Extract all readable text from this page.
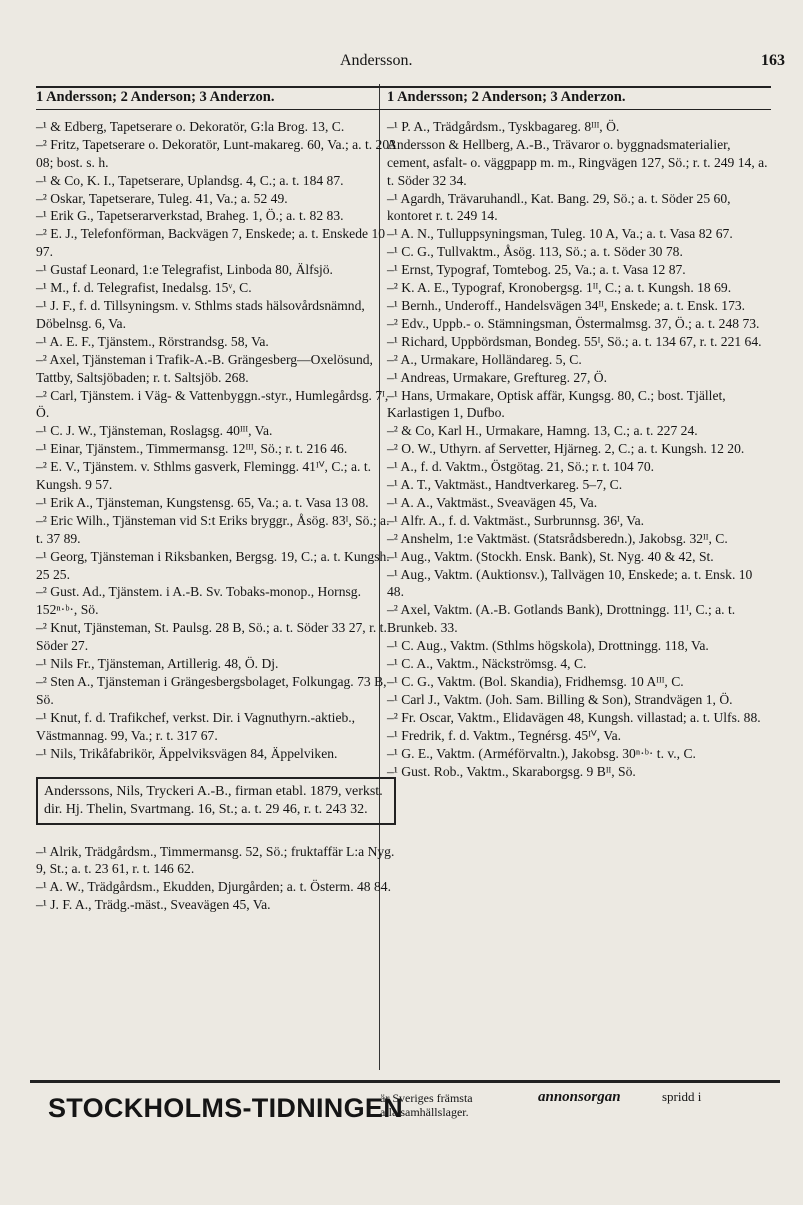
Andersson.	163
1 Andersson; 2 Anderson; 3 Anderzon.
–¹ & Edberg, Tapetserare o. Dekoratör, G:la Brog. 13, C.
–² Fritz, Tapetserare o. Dekoratör, Lunt-makareg. 60, Va.; a. t. 203 08; bost. s. h.
–¹ & Co, K. I., Tapetserare, Uplandsg. 4, C.; a. t. 184 87.
–² Oskar, Tapetserare, Tuleg. 41, Va.; a. 52 49.
–¹ Erik G., Tapetserarverkstad, Braheg. 1, Ö.; a. t. 82 83.
–² E. J., Telefonförman, Backvägen 7, Enskede; a. t. Enskede 10 97.
–¹ Gustaf Leonard, 1:e Telegrafist, Linboda 80, Älfsjö.
–¹ M., f. d. Telegrafist, Inedalsg. 15ᵛ, C.
–¹ J. F., f. d. Tillsyningsm. v. Sthlms stads hälsovårdsnämnd, Döbelnsg. 6, Va.
–¹ A. E. F., Tjänstem., Rörstrandsg. 58, Va.
–² Axel, Tjänsteman i Trafik-A.-B. Grängesberg—Oxelösund, Tattby, Saltsjöbaden; r. t. Saltsjöb. 268.
–² Carl, Tjänstem. i Väg- & Vattenbyggn.-styr., Humlegårdsg. 7ᴵ, Ö.
–¹ C. J. W., Tjänsteman, Roslagsg. 40ᴵᴵᴵ, Va.
–¹ Einar, Tjänstem., Timmermansg. 12ᴵᴵᴵ, Sö.; r. t. 216 46.
–² E. V., Tjänstem. v. Sthlms gasverk, Flemingg. 41ᴵⱽ, C.; a. t. Kungsh. 9 57.
–¹ Erik A., Tjänsteman, Kungstensg. 65, Va.; a. t. Vasa 13 08.
–² Eric Wilh., Tjänsteman vid S:t Eriks bryggr., Åsög. 83ᴵ, Sö.; a. t. 37 89.
–¹ Georg, Tjänsteman i Riksbanken, Bergsg. 19, C.; a. t. Kungsh. 25 25.
–² Gust. Ad., Tjänstem. i A.-B. Sv. Tobaks-monop., Hornsg. 152ⁿ·ᵇ·, Sö.
–² Knut, Tjänsteman, St. Paulsg. 28 B, Sö.; a. t. Söder 33 27, r. t. Söder 27.
–¹ Nils Fr., Tjänsteman, Artillerig. 48, Ö. Dj.
–² Sten A., Tjänsteman i Grängesbergsbolaget, Folkungag. 73 B, Sö.
–¹ Knut, f. d. Trafikchef, verkst. Dir. i Vagnuthyrn.-aktieb., Västmannag. 99, Va.; r. t. 317 67.
–¹ Nils, Trikåfabrikör, Äppelviksvägen 84, Äppelviken.
Anderssons, Nils, Tryckeri A.-B., firman etabl. 1879, verkst. dir. Hj. Thelin, Svartmang. 16, St.; a. t. 29 46, r. t. 243 32.
–¹ Alrik, Trädgårdsm., Timmermansg. 52, Sö.; fruktaffär L:a Nyg. 9, St.; a. t. 23 61, r. t. 146 62.
–¹ A. W., Trädgårdsm., Ekudden, Djurgården; a. t. Österm. 48 84.
–¹ J. F. A., Trädg.-mäst., Sveavägen 45, Va.
1 Andersson; 2 Anderson; 3 Anderzon.
–¹ P. A., Trädgårdsm., Tyskbagareg. 8ᴵᴵᴵ, Ö.
Andersson & Hellberg, A.-B., Trävaror o. byggnadsmaterialier, cement, asfalt- o. väggpapp m. m., Ringvägen 127, Sö.; r. t. 249 14, a. t. Söder 32 34.
–¹ Agardh, Trävaruhandl., Kat. Bang. 29, Sö.; a. t. Söder 25 60, kontoret r. t. 249 14.
–¹ A. N., Tulluppsyningsman, Tuleg. 10 A, Va.; a. t. Vasa 82 67.
–¹ C. G., Tullvaktm., Åsög. 113, Sö.; a. t. Söder 30 78.
–¹ Ernst, Typograf, Tomtebog. 25, Va.; a. t. Vasa 12 87.
–² K. A. E., Typograf, Kronobergsg. 1ᴵᴵ, C.; a. t. Kungsh. 18 69.
–¹ Bernh., Underoff., Handelsvägen 34ᴵᴵ, Enskede; a. t. Ensk. 173.
–² Edv., Uppb.- o. Stämningsman, Östermalmsg. 37, Ö.; a. t. 248 73.
–¹ Richard, Uppbördsman, Bondeg. 55ᴵ, Sö.; a. t. 134 67, r. t. 221 64.
–² A., Urmakare, Holländareg. 5, C.
–¹ Andreas, Urmakare, Greftureg. 27, Ö.
–¹ Hans, Urmakare, Optisk affär, Kungsg. 80, C.; bost. Tjället, Karlastigen 1, Dufbo.
–² & Co, Karl H., Urmakare, Hamng. 13, C.; a. t. 227 24.
–² O. W., Uthyrn. af Servetter, Hjärneg. 2, C.; a. t. Kungsh. 12 20.
–¹ A., f. d. Vaktm., Östgötag. 21, Sö.; r. t. 104 70.
–¹ A. T., Vaktmäst., Handtverkareg. 5–7, C.
–¹ A. A., Vaktmäst., Sveavägen 45, Va.
–¹ Alfr. A., f. d. Vaktmäst., Surbrunnsg. 36ᴵ, Va.
–² Anshelm, 1:e Vaktmäst. (Statsrådsberedn.), Jakobsg. 32ᴵᴵ, C.
–¹ Aug., Vaktm. (Stockh. Ensk. Bank), St. Nyg. 40 & 42, St.
–¹ Aug., Vaktm. (Auktionsv.), Tallvägen 10, Enskede; a. t. Ensk. 10 48.
–² Axel, Vaktm. (A.-B. Gotlands Bank), Drottningg. 11ᴵ, C.; a. t. Brunkeb. 33.
–¹ C. Aug., Vaktm. (Sthlms högskola), Drottningg. 118, Va.
–¹ C. A., Vaktm., Näckströmsg. 4, C.
–¹ C. G., Vaktm. (Bol. Skandia), Fridhemsg. 10 Aᴵᴵᴵ, C.
–¹ Carl J., Vaktm. (Joh. Sam. Billing & Son), Strandvägen 1, Ö.
–² Fr. Oscar, Vaktm., Elidavägen 48, Kungsh. villastad; a. t. Ulfs. 88.
–¹ Fredrik, f. d. Vaktm., Tegnérsg. 45ᴵⱽ, Va.
–¹ G. E., Vaktm. (Arméförvaltn.), Jakobsg. 30ⁿ·ᵇ· t. v., C.
–¹ Gust. Rob., Vaktm., Skaraborgsg. 9 Bᴵᴵ, Sö.
STOCKHOLMS-TIDNINGEN
är Sveriges främsta
alla samhällslager.
annonsorgan	spridd i
